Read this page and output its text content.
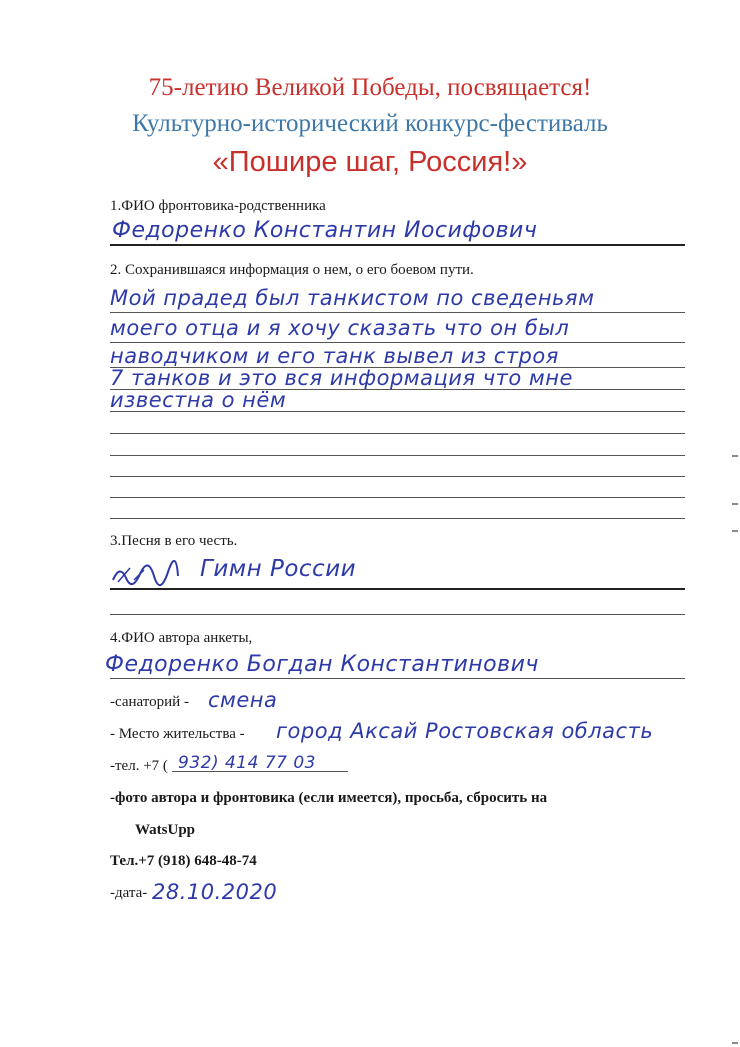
75-летию Великой Победы, посвящается!
Культурно-исторический конкурс-фестиваль
«Пошире шаг, Россия!»
1.ФИО фронтовика-родственника
Федоренко Константин Иосифович
2. Сохранившаяся информация о нем, о его боевом пути.
Мой прадед был танкистом по сведеньям
моего отца и я хочу сказать что он был
наводчиком и его танк вывел из строя
7 танков и это вся информация что мне
известна о нём
3.Песня в его честь.
Гимн России
4.ФИО автора анкеты,
Федоренко Богдан Константинович
-санаторий - смена
- Место жительства - город Аксай Ростовская область
-тел. +7 ( 932) 414 77 03
-фото автора и фронтовика (если имеется), просьба, сбросить на
WatsUpp
Тел.+7 (918) 648-48-74
-дата- 28.10.2020
